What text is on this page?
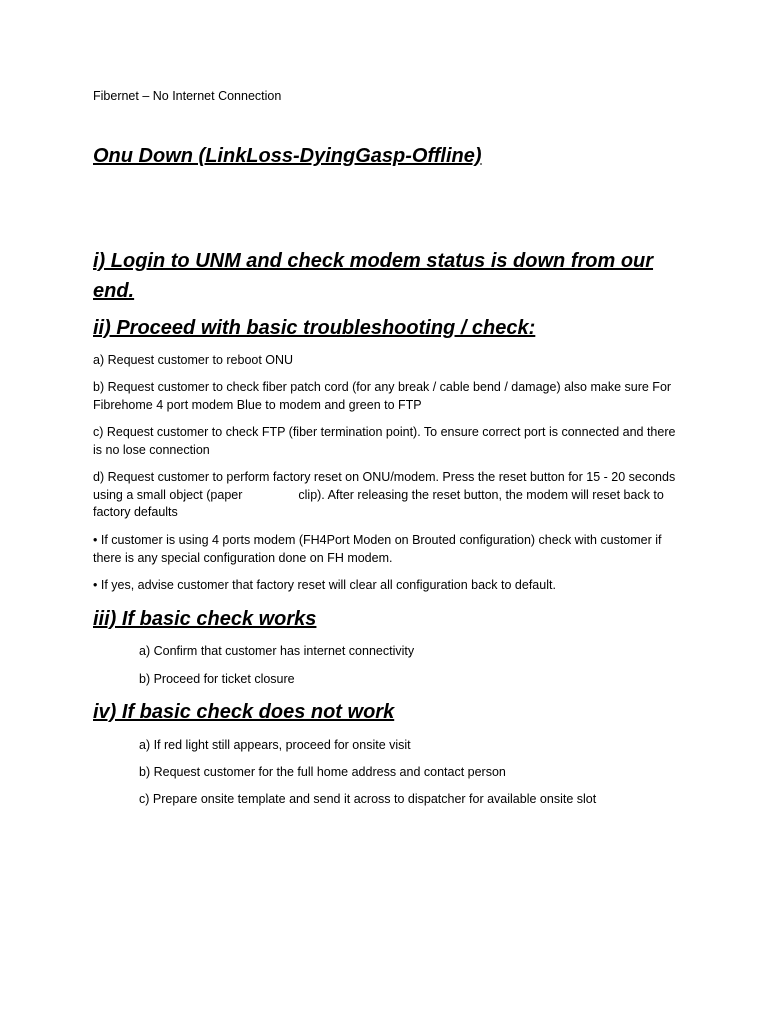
Fibernet – No Internet Connection
Onu Down (LinkLoss-DyingGasp-Offline)
i) Login to UNM and check modem status is down from our end.
ii) Proceed with basic troubleshooting / check:
a) Request customer to reboot ONU
b) Request customer to check fiber patch cord (for any break / cable bend / damage) also make sure For Fibrehome 4 port modem Blue to modem and green to FTP
c) Request customer to check FTP (fiber termination point). To ensure correct port is connected and there is no lose connection
d) Request customer to perform factory reset on ONU/modem. Press the reset button for 15 - 20 seconds using a small object (paper	clip). After releasing the reset button, the modem will reset back to factory defaults
• If customer is using 4 ports modem (FH4Port Moden on Brouted configuration) check with customer if there is any special configuration done on FH modem.
• If yes, advise customer that factory reset will clear all configuration back to default.
iii) If basic check works
a) Confirm that customer has internet connectivity
b) Proceed for ticket closure
iv) If basic check does not work
a) If red light still appears, proceed for onsite visit
b) Request customer for the full home address and contact person
c) Prepare onsite template and send it across to dispatcher for available onsite slot
